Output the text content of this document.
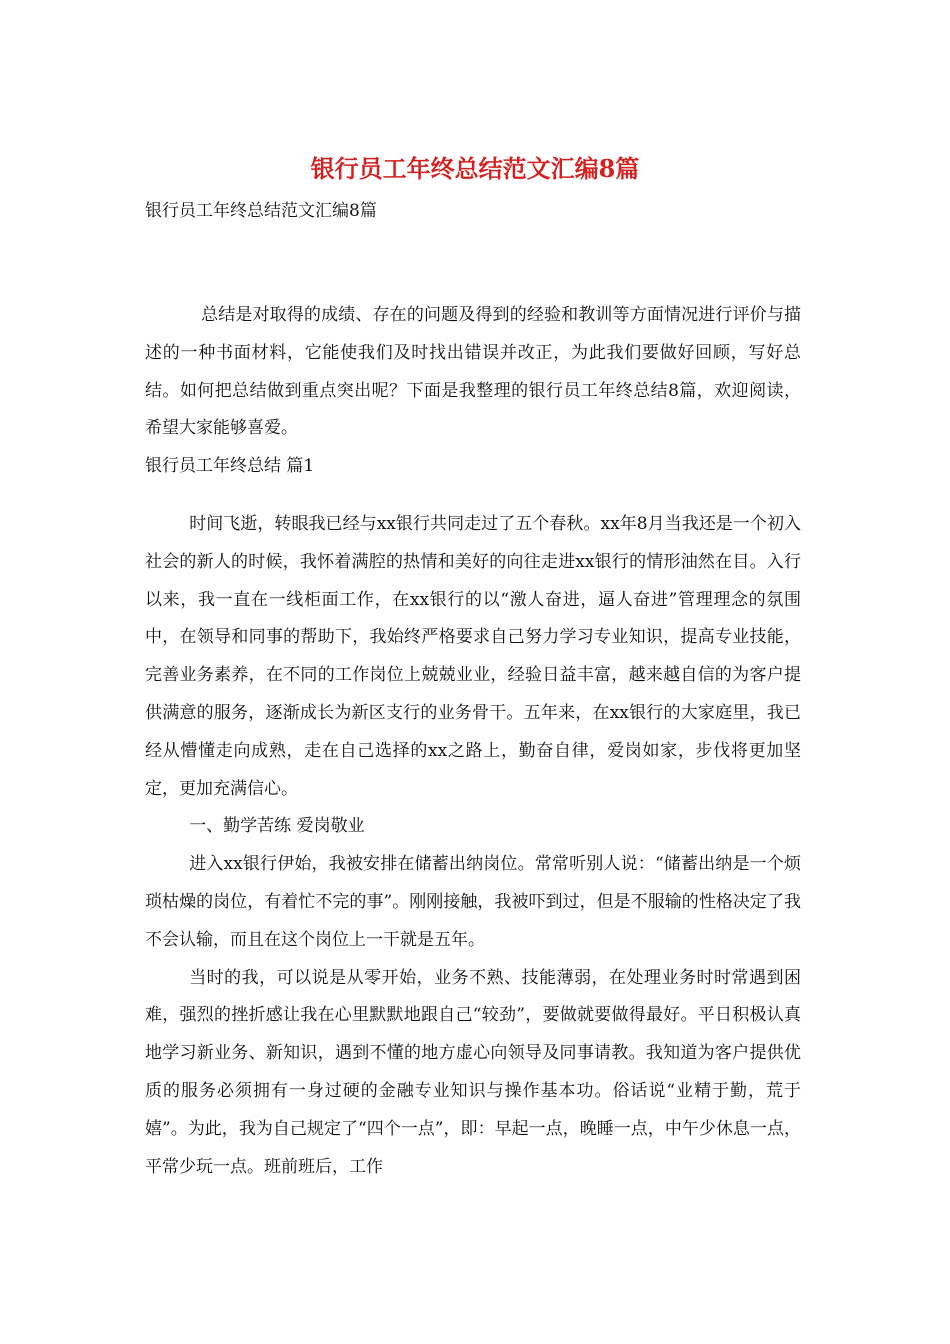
银行员工年终总结范文汇编8篇

银行员工年终总结范文汇编8篇

总结是对取得的成绩、存在的问题及得到的经验和教训等方面情况进行评价与描述的一种书面材料，它能使我们及时找出错误并改正，为此我们要做好回顾，写好总结。如何把总结做到重点突出呢？下面是我整理的银行员工年终总结8篇，欢迎阅读，希望大家能够喜爱。

银行员工年终总结 篇1

时间飞逝，转眼我已经与xx银行共同走过了五个春秋。xx年8月当我还是一个初入社会的新人的时候，我怀着满腔的热情和美好的向往走进xx银行的情形油然在目。入行以来，我一直在一线柜面工作，在xx银行的以“激人奋进，逼人奋进”管理理念的氛围中，在领导和同事的帮助下，我始终严格要求自己努力学习专业知识，提高专业技能，完善业务素养，在不同的工作岗位上兢兢业业，经验日益丰富，越来越自信的为客户提供满意的服务，逐渐成长为新区支行的业务骨干。五年来，在xx银行的大家庭里，我已经从懵懂走向成熟，走在自己选择的xx之路上，勤奋自律，爱岗如家，步伐将更加坚定，更加充满信心。

一、勤学苦练 爱岗敬业

进入xx银行伊始，我被安排在储蓄出纳岗位。常常听别人说：“储蓄出纳是一个烦琐枯燥的岗位，有着忙不完的事”。刚刚接触，我被吓到过，但是不服输的性格决定了我不会认输，而且在这个岗位上一干就是五年。

当时的我，可以说是从零开始，业务不熟、技能薄弱，在处理业务时时常遇到困难，强烈的挫折感让我在心里默默地跟自己“较劲”，要做就要做得最好。平日积极认真地学习新业务、新知识，遇到不懂的地方虚心向领导及同事请教。我知道为客户提供优质的服务必须拥有一身过硬的金融专业知识与操作基本功。俗话说“业精于勤，荒于嬉”。为此，我为自己规定了“四个一点”，即：早起一点，晚睡一点，中午少休息一点，平常少玩一点。班前班后，工作
